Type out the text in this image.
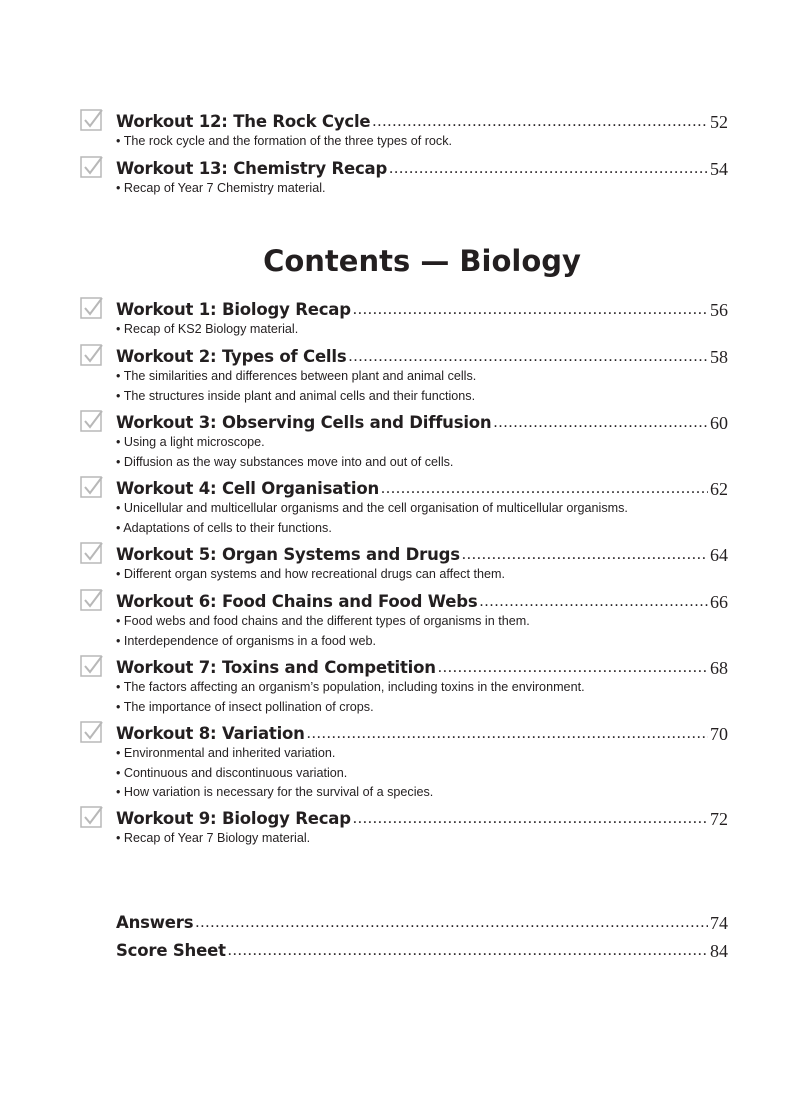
Workout 12: The Rock Cycle .....	52
• The rock cycle and the formation of the three types of rock.
Workout 13: Chemistry Recap .....	54
• Recap of Year 7 Chemistry material.
Contents — Biology
Workout 1: Biology Recap .....	56
• Recap of KS2 Biology material.
Workout 2: Types of Cells .....	58
• The similarities and differences between plant and animal cells.
• The structures inside plant and animal cells and their functions.
Workout 3: Observing Cells and Diffusion .....	60
• Using a light microscope.
• Diffusion as the way substances move into and out of cells.
Workout 4: Cell Organisation .....	62
• Unicellular and multicellular organisms and the cell organisation of multicellular organisms.
• Adaptations of cells to their functions.
Workout 5: Organ Systems and Drugs .....	64
• Different organ systems and how recreational drugs can affect them.
Workout 6: Food Chains and Food Webs .....	66
• Food webs and food chains and the different types of organisms in them.
• Interdependence of organisms in a food web.
Workout 7: Toxins and Competition .....	68
• The factors affecting an organism’s population, including toxins in the environment.
• The importance of insect pollination of crops.
Workout 8: Variation .....	70
• Environmental and inherited variation.
• Continuous and discontinuous variation.
• How variation is necessary for the survival of a species.
Workout 9: Biology Recap .....	72
• Recap of Year 7 Biology material.
Answers .....	74
Score Sheet .....	84
